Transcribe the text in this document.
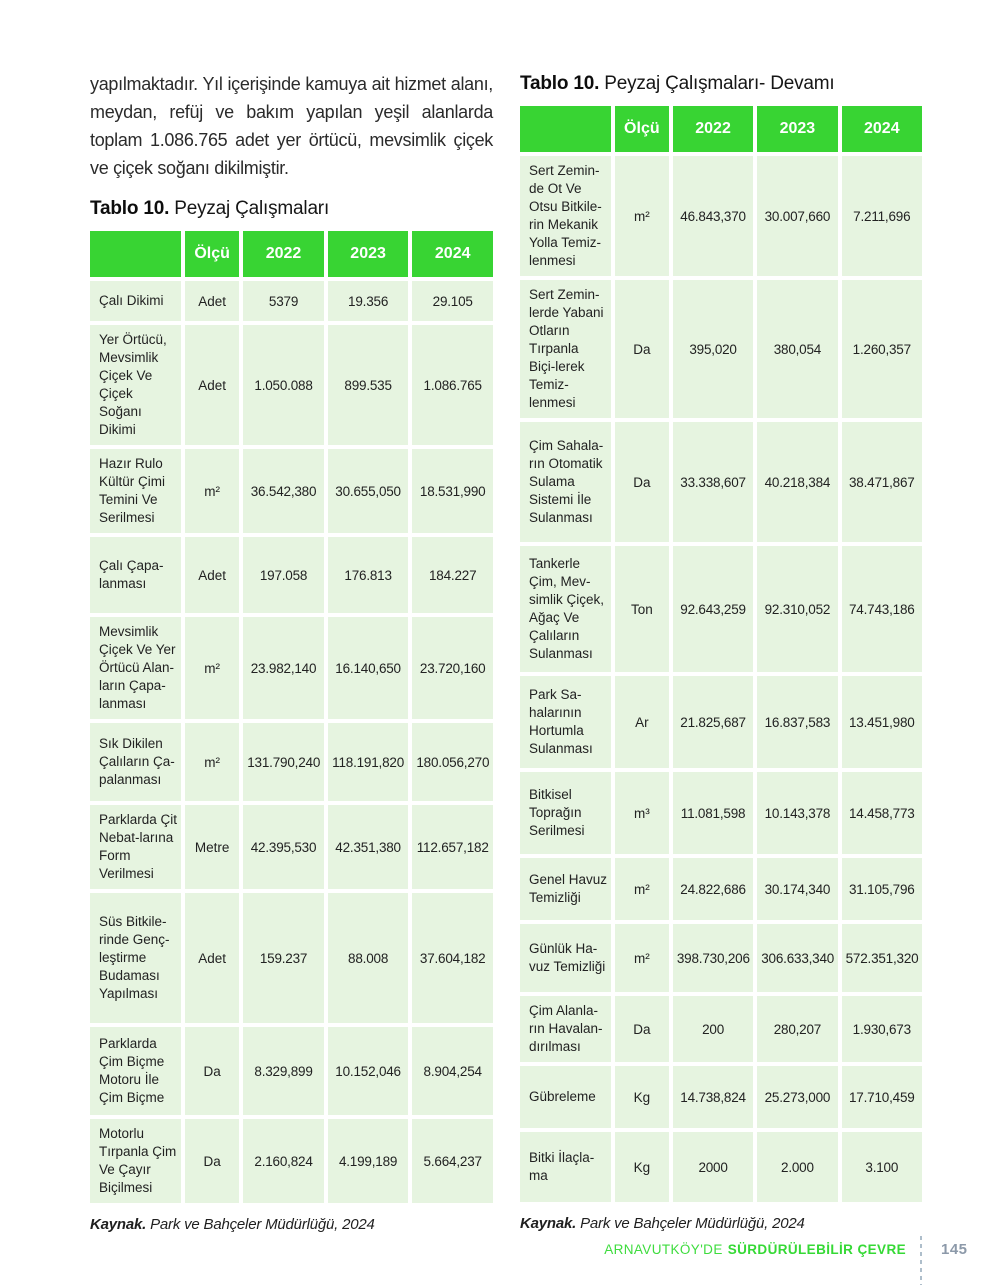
yapılmaktadır. Yıl içerişinde kamuya ait hizmet alanı, meydan, refüj ve bakım yapılan yeşil alanlarda toplam 1.086.765 adet yer örtücü, mevsimlik çiçek ve çiçek soğanı dikilmiştir.

Tablo 10. Peyzaj Çalışmaları
	Ölçü	2022	2023	2024
Çalı Dikimi	Adet	5379	19.356	29.105
Yer Örtücü, Mevsimlik Çiçek Ve Çiçek Soğanı Dikimi	Adet	1.050.088	899.535	1.086.765
Hazır Rulo Kültür Çimi Temini Ve Serilmesi	m²	36.542,380	30.655,050	18.531,990
Çalı Çapa-lanması	Adet	197.058	176.813	184.227
Mevsimlik Çiçek Ve Yer Örtücü Alan-ların Çapa-lanması	m²	23.982,140	16.140,650	23.720,160
Sık Dikilen Çalıların Ça-palanması	m²	131.790,240	118.191,820	180.056,270
Parklarda Çit Nebat-larına Form Verilmesi	Metre	42.395,530	42.351,380	112.657,182
Süs Bitkile-rinde Genç-leştirme Budaması Yapılması	Adet	159.237	88.008	37.604,182
Parklarda Çim Biçme Motoru İle Çim Biçme	Da	8.329,899	10.152,046	8.904,254
Motorlu Tırpanla Çim Ve Çayır Biçilmesi	Da	2.160,824	4.199,189	5.664,237

Kaynak. Park ve Bahçeler Müdürlüğü, 2024

Tablo 10. Peyzaj Çalışmaları- Devamı
	Ölçü	2022	2023	2024
Sert Zemin-de Ot Ve Otsu Bitkile-rin Mekanik Yolla Temiz-lenmesi	m²	46.843,370	30.007,660	7.211,696
Sert Zemin-lerde Yabani Otların Tırpanla Biçi-lerek Temiz-lenmesi	Da	395,020	380,054	1.260,357
Çim Sahala-rın Otomatik Sulama Sistemi İle Sulanması	Da	33.338,607	40.218,384	38.471,867
Tankerle Çim, Mev-simlik Çiçek, Ağaç Ve Çalıların Sulanması	Ton	92.643,259	92.310,052	74.743,186
Park Sa-halarının Hortumla Sulanması	Ar	21.825,687	16.837,583	13.451,980
Bitkisel Toprağın Serilmesi	m³	11.081,598	10.143,378	14.458,773
Genel Havuz Temizliği	m²	24.822,686	30.174,340	31.105,796
Günlük Ha-vuz Temizliği	m²	398.730,206	306.633,340	572.351,320
Çim Alanla-rın Havalan-dırılması	Da	200	280,207	1.930,673
Gübreleme	Kg	14.738,824	25.273,000	17.710,459
Bitki İlaçla-ma	Kg	2000	2.000	3.100

Kaynak. Park ve Bahçeler Müdürlüğü, 2024

ARNAVUTKÖY'DE SÜRDÜRÜLEBİLİR ÇEVRE 145
